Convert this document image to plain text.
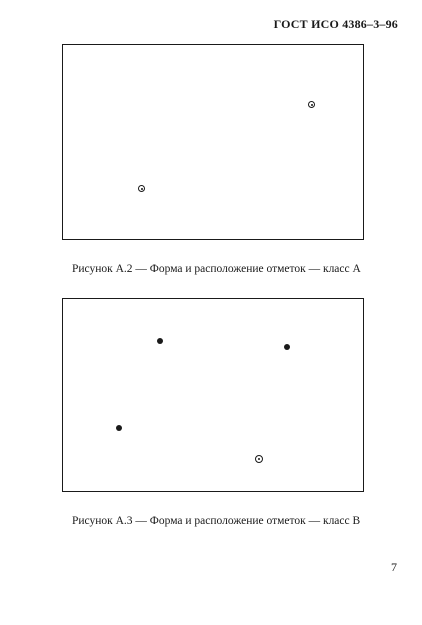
ГОСТ ИСО 4386–3–96
Рисунок А.2 — Форма и расположение отметок — класс А
Рисунок А.3 — Форма и расположение отметок — класс В
7
